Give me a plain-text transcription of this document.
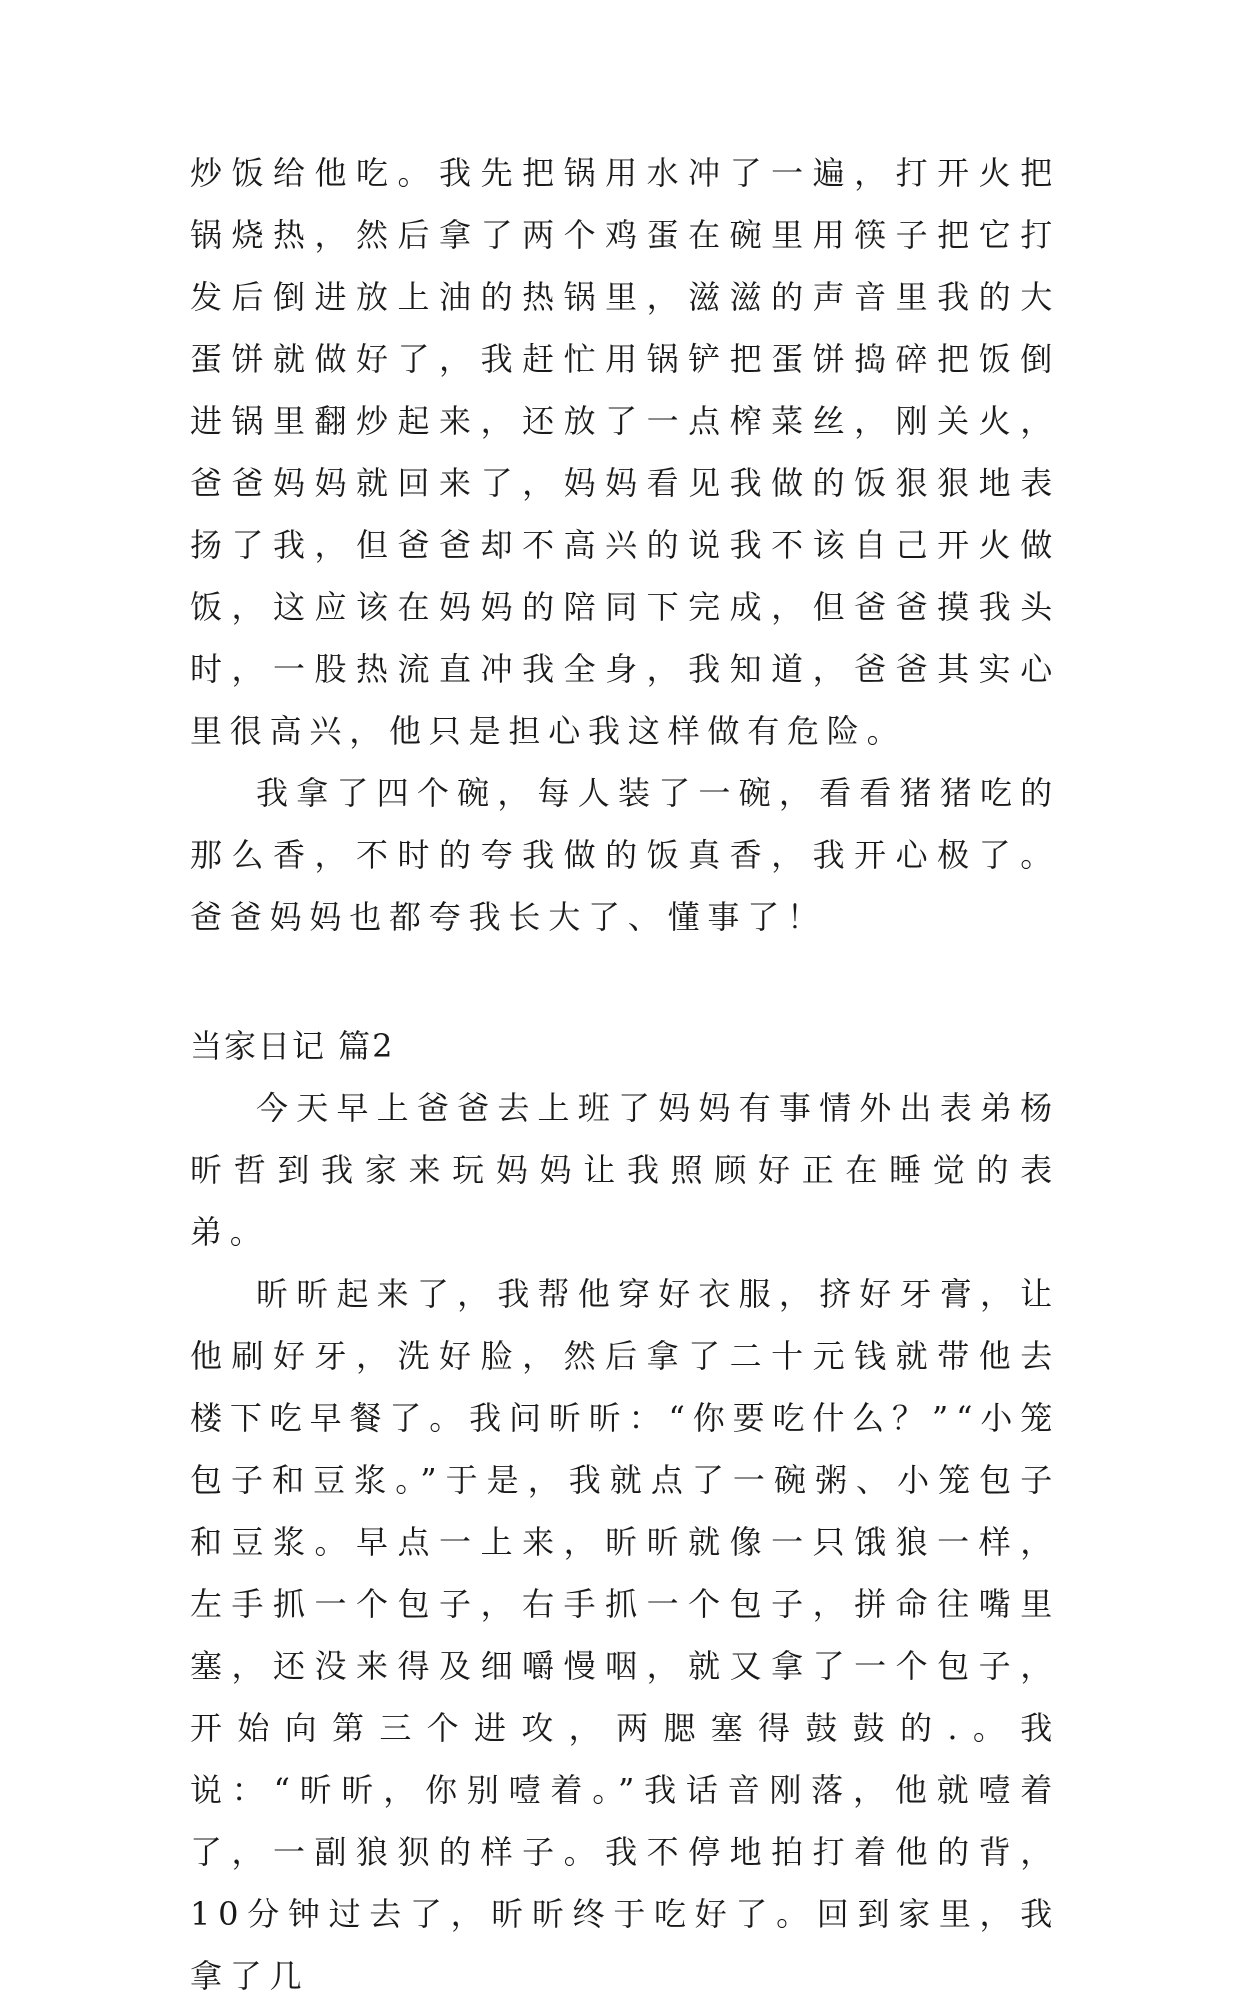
炒饭给他吃。我先把锅用水冲了一遍，打开火把锅烧热，然后拿了两个鸡蛋在碗里用筷子把它打发后倒进放上油的热锅里，滋滋的声音里我的大蛋饼就做好了，我赶忙用锅铲把蛋饼捣碎把饭倒进锅里翻炒起来，还放了一点榨菜丝，刚关火，爸爸妈妈就回来了，妈妈看见我做的饭狠狠地表扬了我，但爸爸却不高兴的说我不该自己开火做饭，这应该在妈妈的陪同下完成，但爸爸摸我头时，一股热流直冲我全身，我知道，爸爸其实心里很高兴，他只是担心我这样做有危险。

我拿了四个碗，每人装了一碗，看看猪猪吃的那么香，不时的夸我做的饭真香，我开心极了。爸爸妈妈也都夸我长大了、懂事了！

当家日记 篇2

今天早上爸爸去上班了妈妈有事情外出表弟杨昕哲到我家来玩妈妈让我照顾好正在睡觉的表弟。

昕昕起来了，我帮他穿好衣服，挤好牙膏，让他刷好牙，洗好脸，然后拿了二十元钱就带他去楼下吃早餐了。我问昕昕：“你要吃什么？”“小笼包子和豆浆。”于是，我就点了一碗粥、小笼包子和豆浆。早点一上来，昕昕就像一只饿狼一样，左手抓一个包子，右手抓一个包子，拼命往嘴里塞，还没来得及细嚼慢咽，就又拿了一个包子，开始向第三个进攻，两腮塞得鼓鼓的.。我说：“昕昕，你别噎着。”我话音刚落，他就噎着了，一副狼狈的样子。我不停地拍打着他的背，10分钟过去了，昕昕终于吃好了。回到家里，我拿了几
